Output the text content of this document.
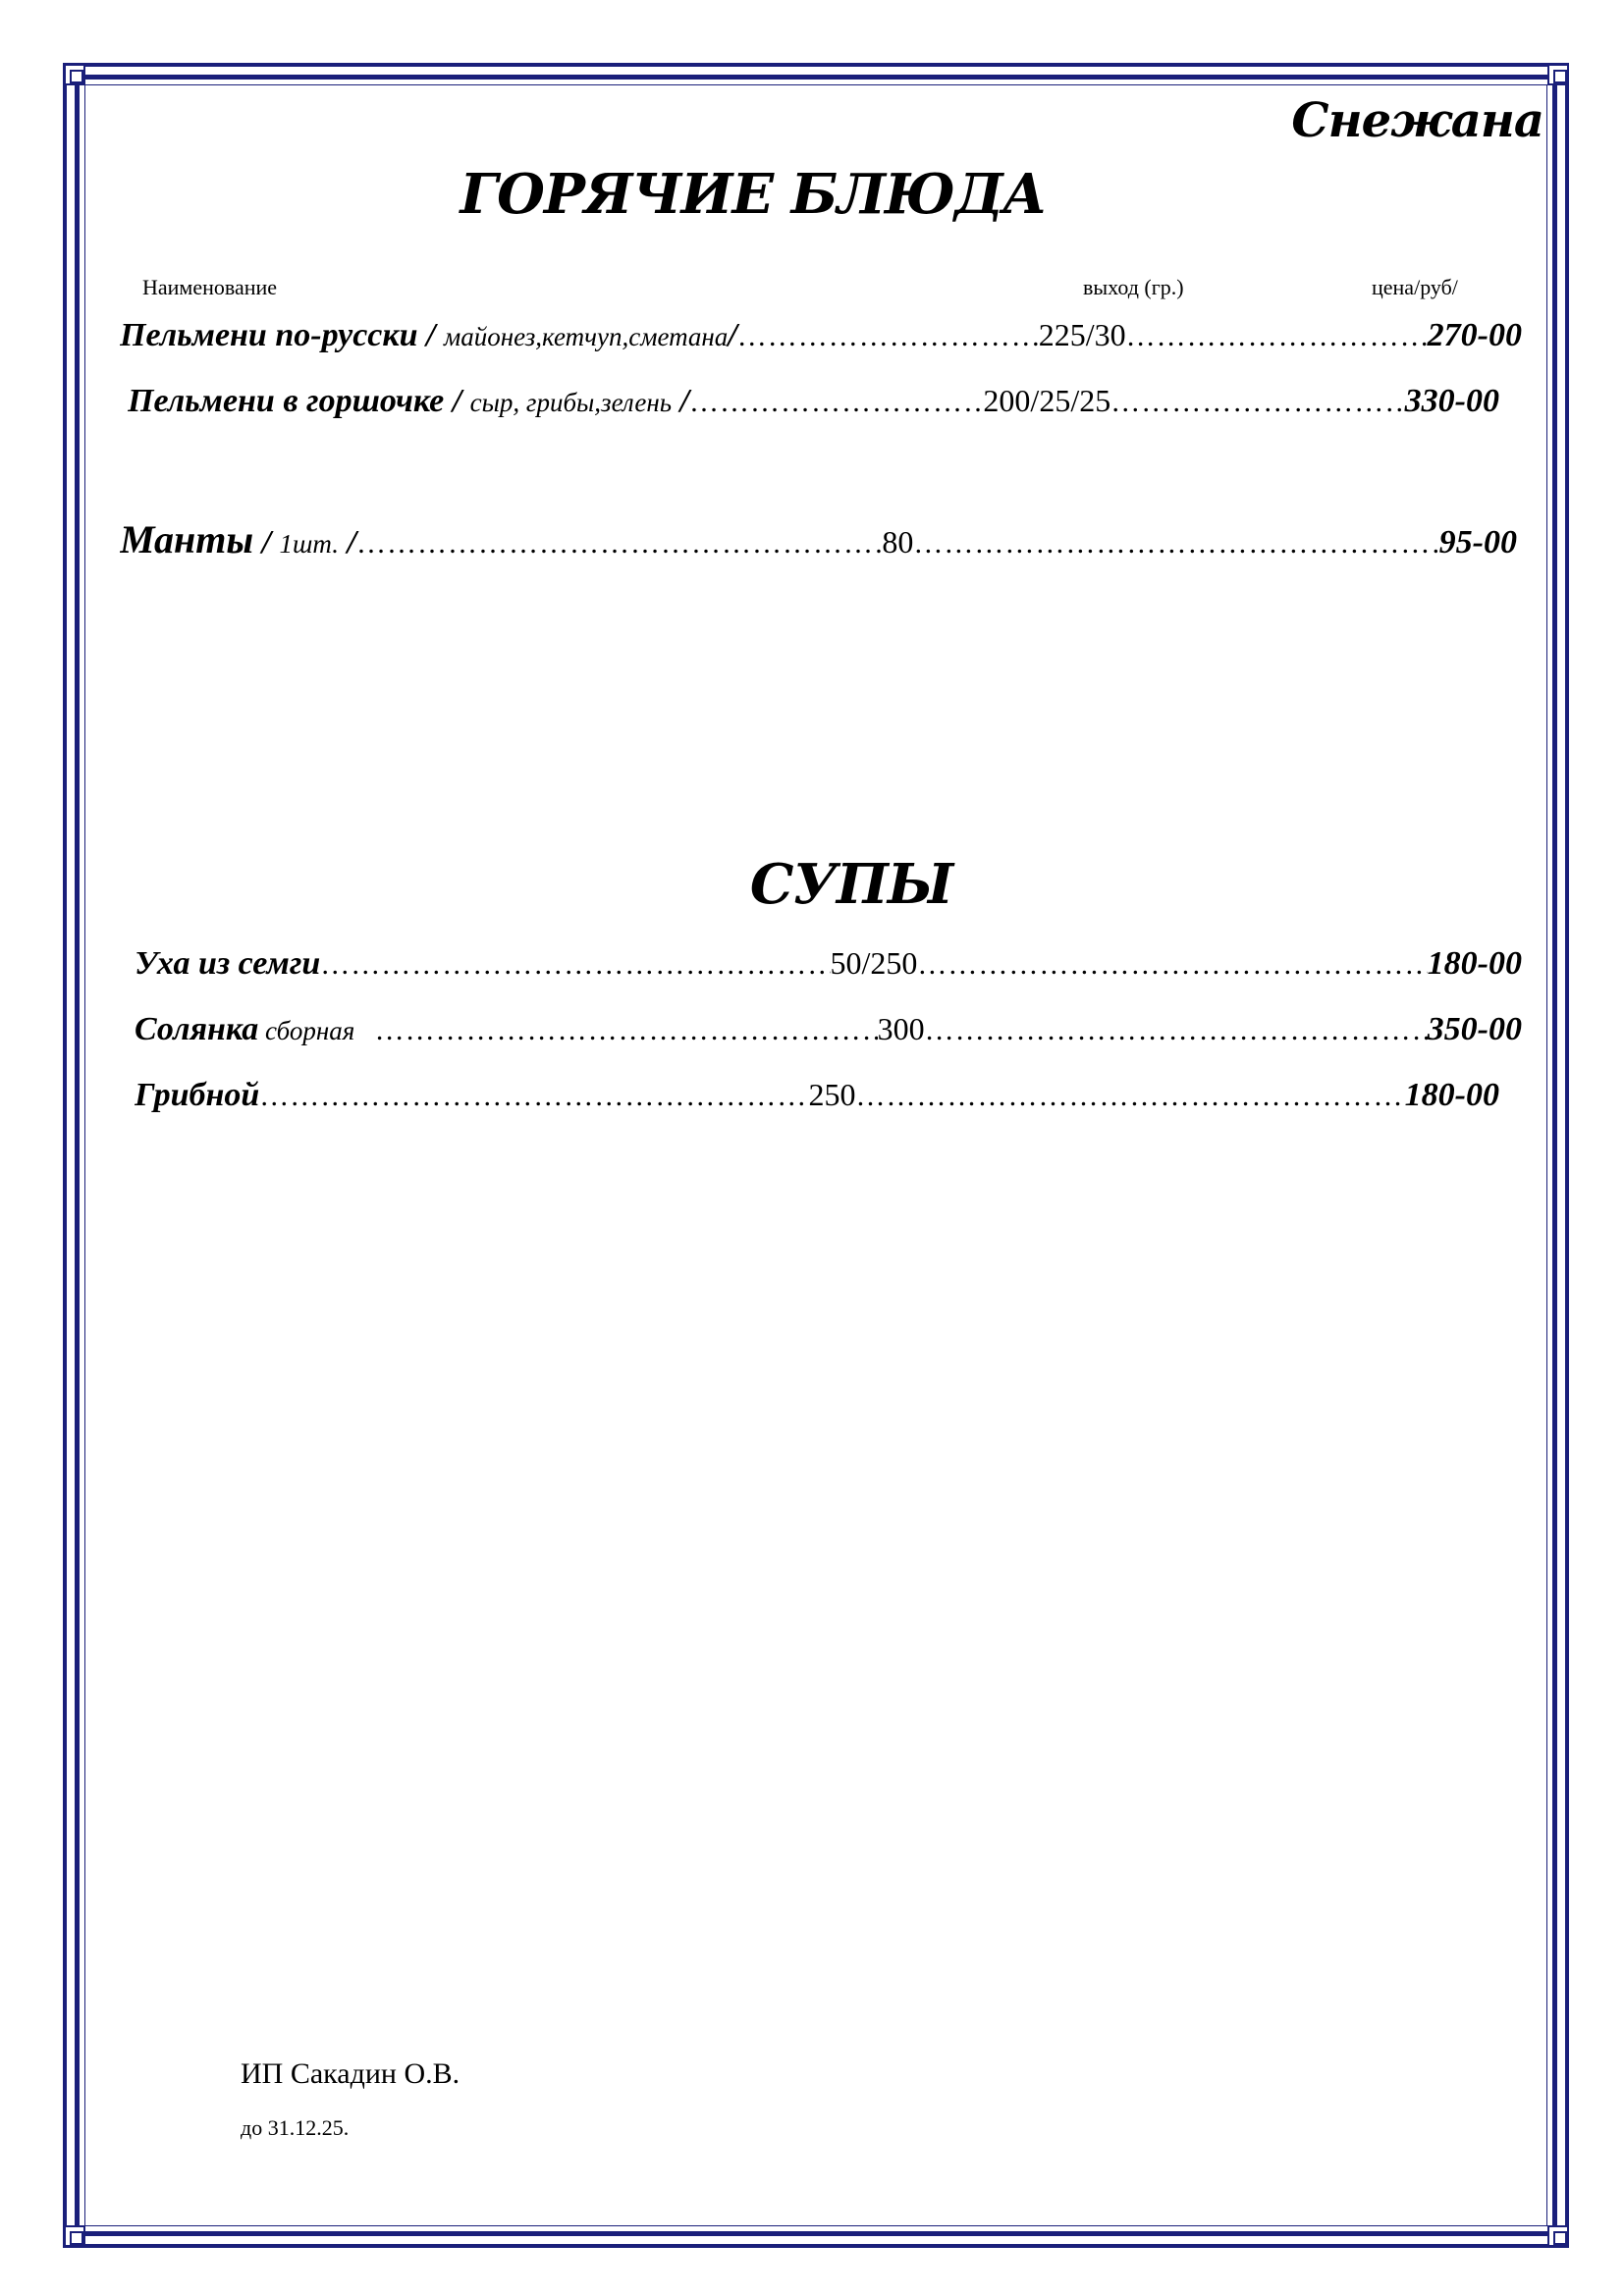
Снежана
ГОРЯЧИЕ БЛЮДА
Наименование	выход (гр.)	цена/руб/
Пельмени по-русски / майонез,кетчуп,сметана / …………………………………………………………………………………………………………………………………………………………………………………	225/30 …………………………………………………………………………………………………………………………………………………………………………………	270-00
Пельмени в горшочке / сыр, грибы,зелень / …………………………………………………………………………………………………………………………………………………………………………………	200/25/25 …………………………………………………………………………………………………………………………………………………………………………………	330-00
Манты / 1шт. / …………………………………………………………………………………………………………………………………………………………………………………	80 …………………………………………………………………………………………………………………………………………………………………………………	95-00
СУПЫ
Уха из семги …………………………………………………………………………………………………………………………………………………………………………………	50/250 …………………………………………………………………………………………………………………………………………………………………………………	180-00
Солянка сборная …………………………………………………………………………………………………………………………………………………………………………………	300 …………………………………………………………………………………………………………………………………………………………………………………	350-00
Грибной …………………………………………………………………………………………………………………………………………………………………………………	250 …………………………………………………………………………………………………………………………………………………………………………………	180-00
ИП Сакадин О.В.
до 31.12.25.
